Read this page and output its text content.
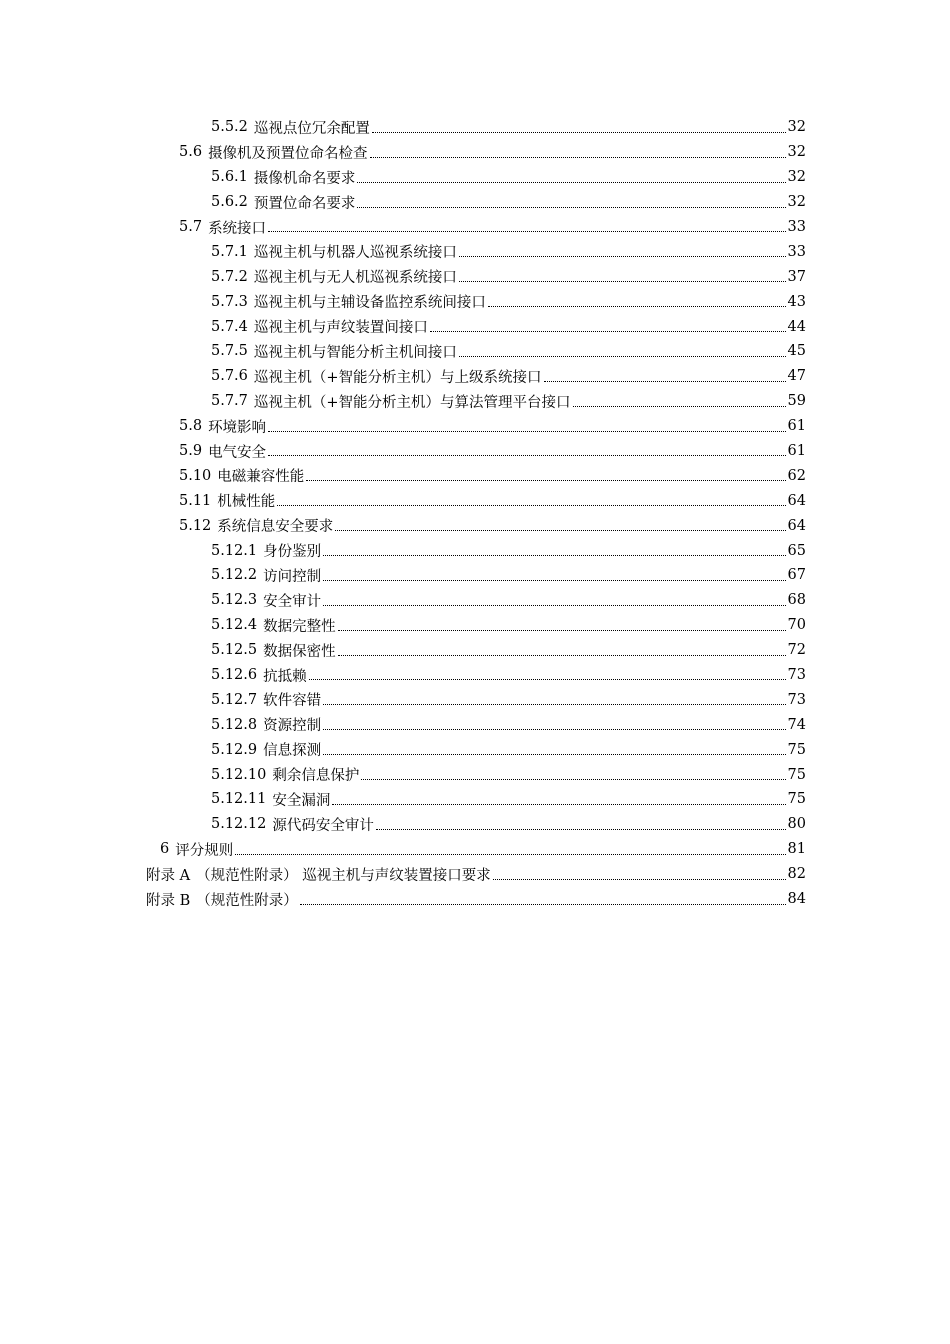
5.5.2 巡视点位冗余配置	32
5.6 摄像机及预置位命名检查	32
5.6.1 摄像机命名要求	32
5.6.2 预置位命名要求	32
5.7 系统接口	33
5.7.1 巡视主机与机器人巡视系统接口	33
5.7.2 巡视主机与无人机巡视系统接口	37
5.7.3 巡视主机与主辅设备监控系统间接口	43
5.7.4 巡视主机与声纹装置间接口	44
5.7.5 巡视主机与智能分析主机间接口	45
5.7.6 巡视主机（+智能分析主机）与上级系统接口	47
5.7.7 巡视主机（+智能分析主机）与算法管理平台接口	59
5.8 环境影响	61
5.9 电气安全	61
5.10 电磁兼容性能	62
5.11 机械性能	64
5.12 系统信息安全要求	64
5.12.1 身份鉴别	65
5.12.2 访问控制	67
5.12.3 安全审计	68
5.12.4 数据完整性	70
5.12.5 数据保密性	72
5.12.6 抗抵赖	73
5.12.7 软件容错	73
5.12.8 资源控制	74
5.12.9 信息探测	75
5.12.10 剩余信息保护	75
5.12.11 安全漏洞	75
5.12.12 源代码安全审计	80
6 评分规则	81
附录 A （规范性附录） 巡视主机与声纹装置接口要求	82
附录 B （规范性附录）	84
